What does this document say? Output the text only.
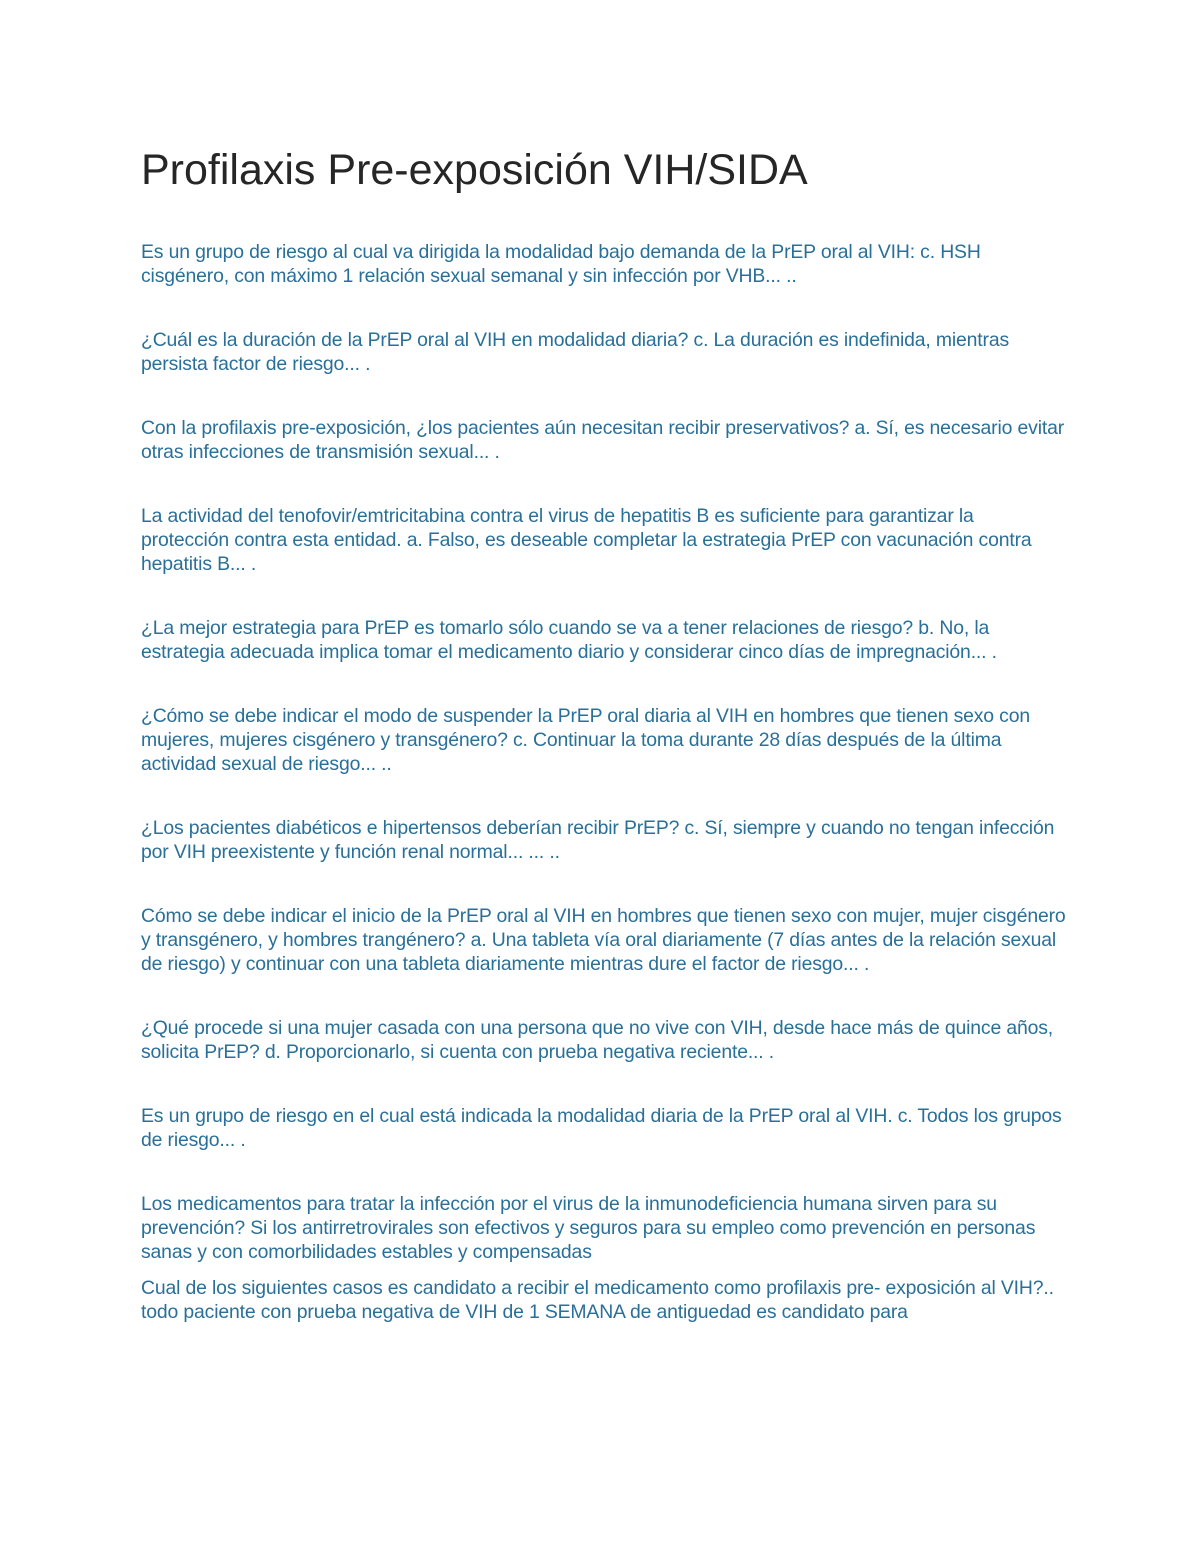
Profilaxis Pre-exposición VIH/SIDA

Es un grupo de riesgo al cual va dirigida la modalidad bajo demanda de la PrEP oral al VIH: c. HSH cisgénero, con máximo 1 relación sexual semanal y sin infección por VHB... ..

¿Cuál es la duración de la PrEP oral al VIH en modalidad diaria? c. La duración es indefinida, mientras persista factor de riesgo... .

Con la profilaxis pre-exposición, ¿los pacientes aún necesitan recibir preservativos? a. Sí, es necesario evitar otras infecciones de transmisión sexual... .

La actividad del tenofovir/emtricitabina contra el virus de hepatitis B es suficiente para garantizar la protección contra esta entidad. a. Falso, es deseable completar la estrategia PrEP con vacunación contra hepatitis B... .

¿La mejor estrategia para PrEP es tomarlo sólo cuando se va a tener relaciones de riesgo? b. No, la estrategia adecuada implica tomar el medicamento diario y considerar cinco días de impregnación... .

¿Cómo se debe indicar el modo de suspender la PrEP oral diaria al VIH en hombres que tienen sexo con mujeres, mujeres cisgénero y transgénero? c. Continuar la toma durante 28 días después de la última actividad sexual de riesgo... ..

¿Los pacientes diabéticos e hipertensos deberían recibir PrEP? c. Sí, siempre y cuando no tengan infección por VIH preexistente y función renal normal... ... ..

Cómo se debe indicar el inicio de la PrEP oral al VIH en hombres que tienen sexo con mujer, mujer cisgénero y transgénero, y hombres trangénero? a. Una tableta vía oral diariamente (7 días antes de la relación sexual de riesgo) y continuar con una tableta diariamente mientras dure el factor de riesgo... .

¿Qué procede si una mujer casada con una persona que no vive con VIH, desde hace más de quince años, solicita PrEP? d. Proporcionarlo, si cuenta con prueba negativa reciente... .

Es un grupo de riesgo en el cual está indicada la modalidad diaria de la PrEP oral al VIH. c. Todos los grupos de riesgo... .

Los medicamentos para tratar la infección por el virus de la inmunodeficiencia humana sirven para su prevención? Si los antirretrovirales son efectivos y seguros para su empleo como prevención en personas sanas y con comorbilidades estables y compensadas

Cual de los siguientes casos es candidato a recibir el medicamento como profilaxis pre- exposición al VIH?.. todo paciente con prueba negativa de VIH de 1 SEMANA de antiguedad es candidato para
